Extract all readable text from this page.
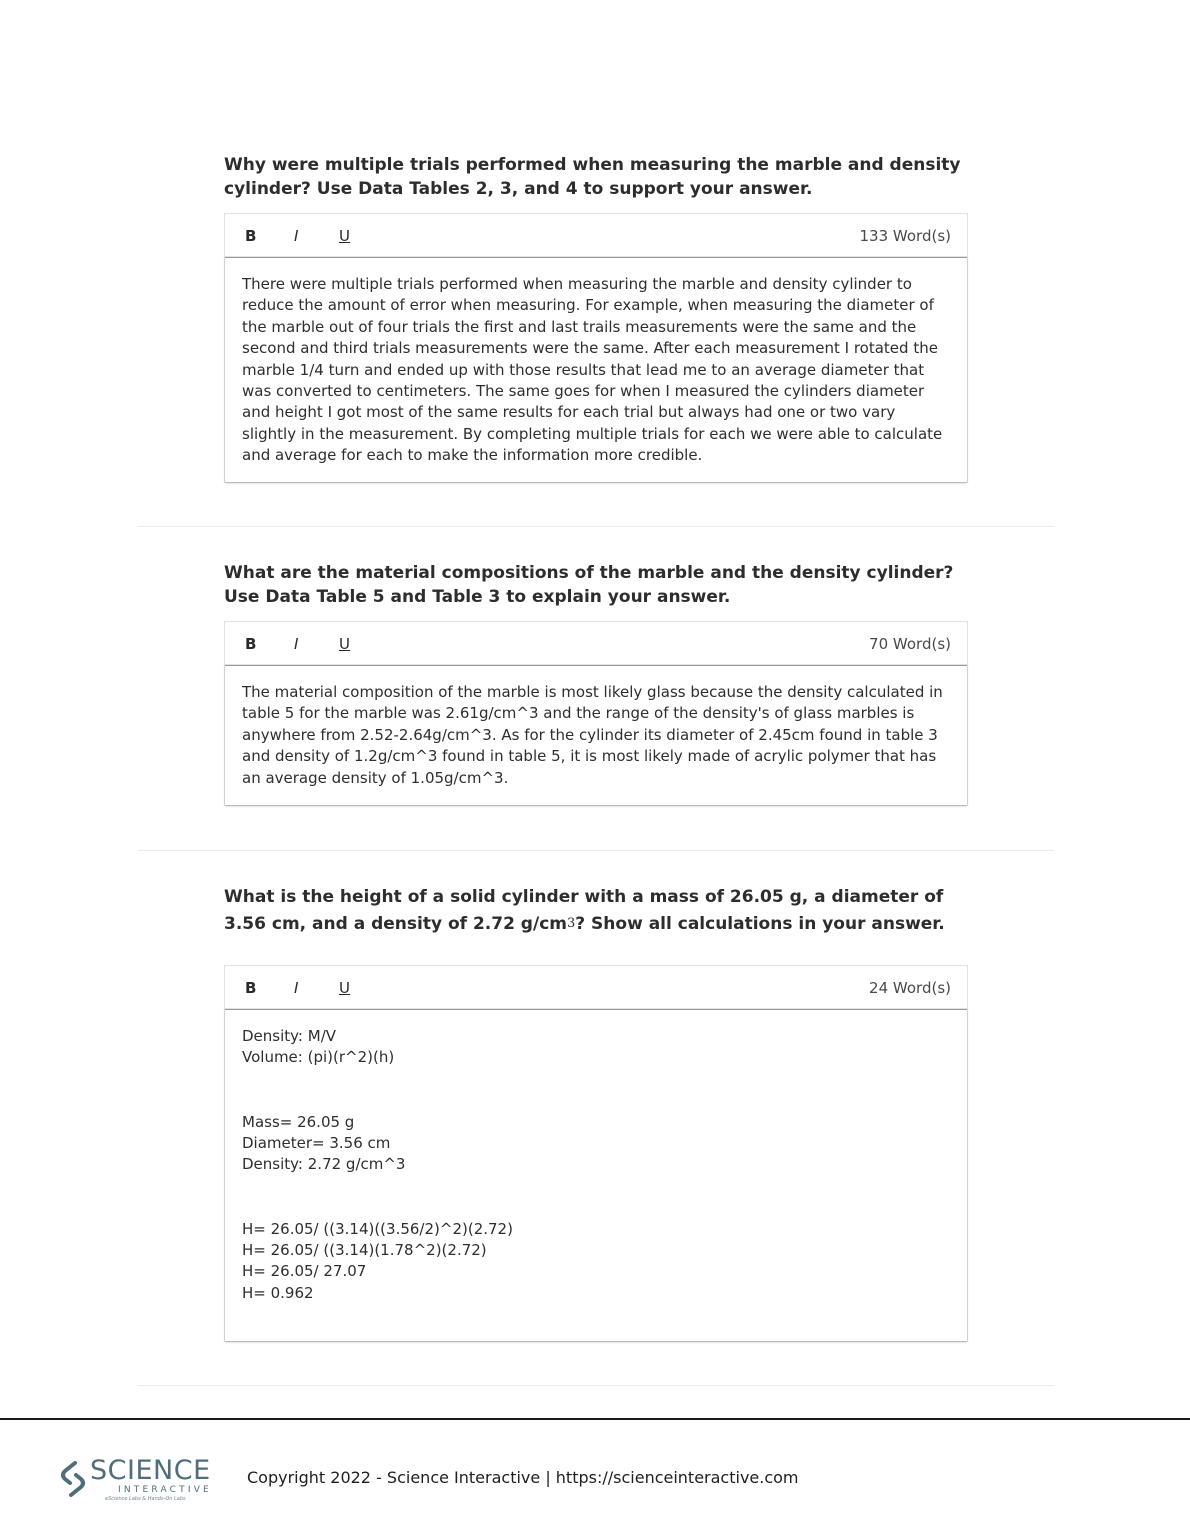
Why were multiple trials performed when measuring the marble and density cylinder? Use Data Tables 2, 3, and 4 to support your answer.

B	I	U	133 Word(s)
There were multiple trials performed when measuring the marble and density cylinder to reduce the amount of error when measuring. For example, when measuring the diameter of the marble out of four trials the first and last trails measurements were the same and the second and third trials measurements were the same. After each measurement I rotated the marble 1/4 turn and ended up with those results that lead me to an average diameter that was converted to centimeters. The same goes for when I measured the cylinders diameter and height I got most of the same results for each trial but always had one or two vary slightly in the measurement. By completing multiple trials for each we were able to calculate and average for each to make the information more credible.

What are the material compositions of the marble and the density cylinder? Use Data Table 5 and Table 3 to explain your answer.

B	I	U	70 Word(s)
The material composition of the marble is most likely glass because the density calculated in table 5 for the marble was 2.61g/cm^3 and the range of the density's of glass marbles is anywhere from 2.52-2.64g/cm^3. As for the cylinder its diameter of 2.45cm found in table 3 and density of 1.2g/cm^3 found in table 5, it is most likely made of acrylic polymer that has an average density of 1.05g/cm^3.

What is the height of a solid cylinder with a mass of 26.05 g, a diameter of 3.56 cm, and a density of 2.72 $g/cm^3$? Show all calculations in your answer.

B	I	U	24 Word(s)
Density: M/V
Volume: (pi)(r^2)(h)

Mass= 26.05 g
Diameter= 3.56 cm
Density: 2.72 g/cm^3

H= 26.05/ ((3.14)((3.56/2)^2)(2.72)
H= 26.05/ ((3.14)(1.78^2)(2.72)
H= 26.05/ 27.07
H= 0.962
SCIENCE
INTERACTIVE
eScience Labs & Hands-On Labs
Copyright 2022 - Science Interactive | https://scienceinteractive.com
